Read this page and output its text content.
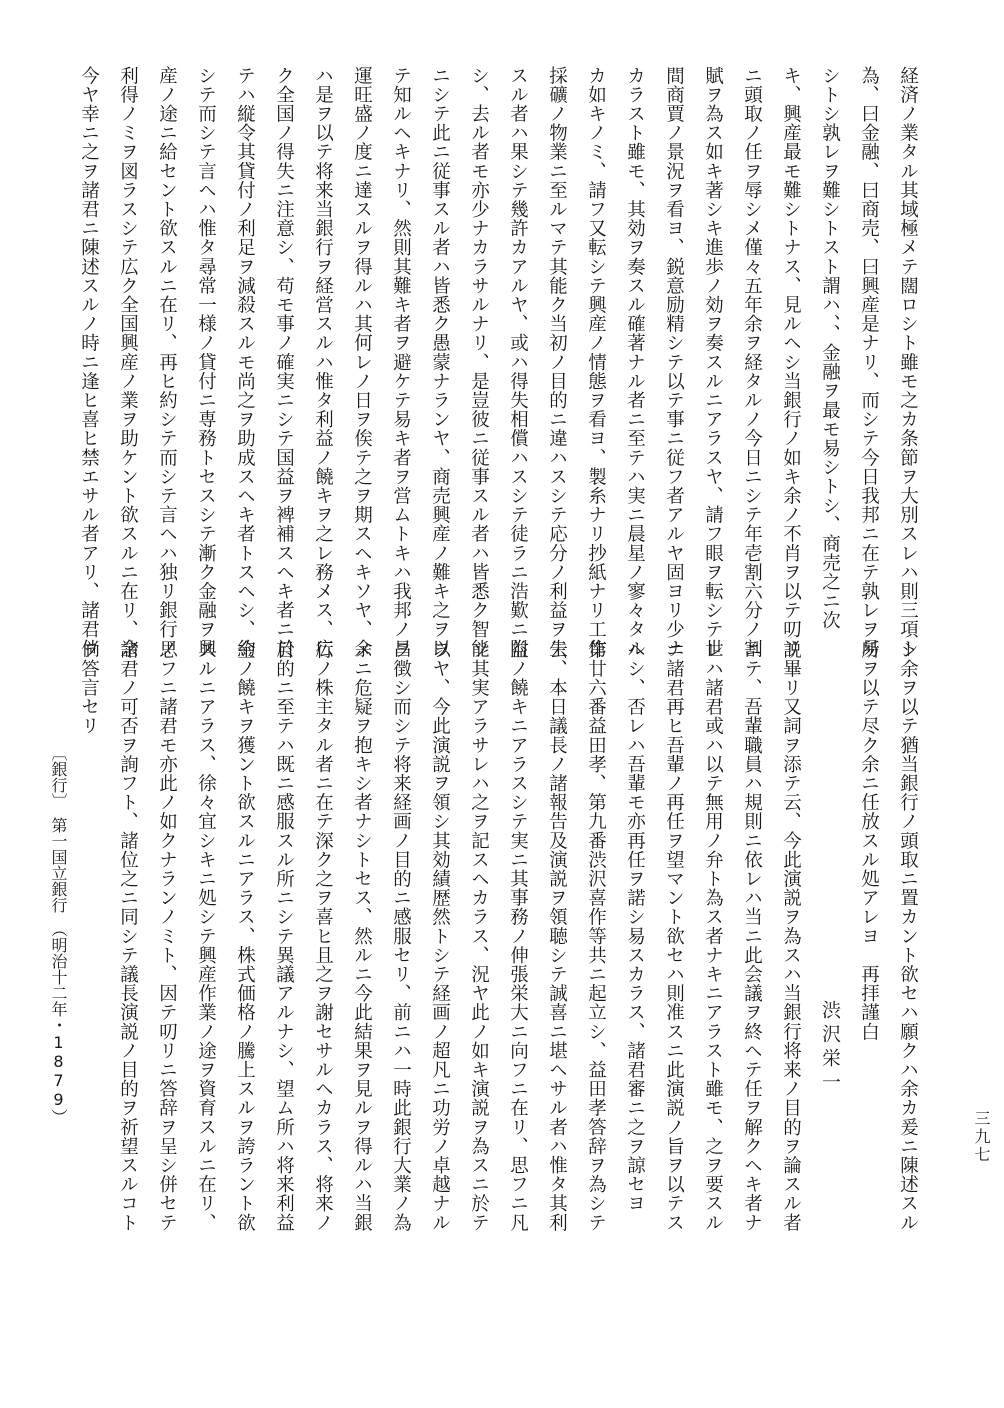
経済ノ業タル其域極メテ闊ロシト雖モ之カ条節ヲ大別スレハ則三項ト
為、曰金融、曰商売、曰興産是ナリ、而シテ今日我邦ニ在テ孰レヲ易
シトシ孰レヲ難シトスト謂ハ、、金融ヲ最モ易シトシ、商売之ニ次
キ、興産最モ難シトナス、見ルヘシ当銀行ノ如キ余ノ不肖ヲ以テ叨リ
ニ頭取ノ任ヲ辱シメ僅々五年余ヲ経タルノ今日ニシテ年壱割六分ノ割
賦ヲ為ス如キ著シキ進歩ノ効ヲ奏スルニアラスヤ、請フ眼ヲ転シテ世
間商賈ノ景況ヲ看ヨ、鋭意励精シテ以テ事ニ従フ者アルヤ固ヨリ少ナ
カラスト雖モ、其効ヲ奏スル確著ナル者ニ至テハ実ニ晨星ノ寥々タル
カ如キノミ、請フ又転シテ興産ノ情態ヲ看ヨ、製糸ナリ抄紙ナリ工作
採礦ノ物業ニ至ルマテ其能ク当初ノ目的ニ違ハスシテ応分ノ利益ヲ生
スル者ハ果シテ幾許カアルヤ、或ハ得失相償ハスシテ徒ラニ浩歎ニ附
シ、去ル者モ亦少ナカラサルナリ、是豈彼ニ従事スル者ハ皆悉ク智能
ニシテ此ニ従事スル者ハ皆悉ク愚蒙ナランヤ、商売興産ノ難キ之ヲ以
テ知ルヘキナリ、然則其難キ者ヲ避ケテ易キ者ヲ営ムトキハ我邦ノ昌
運旺盛ノ度ニ達スルヲ得ルハ其何レノ日ヲ俟テ之ヲ期スヘキソヤ、余
ハ是ヲ以テ将来当銀行ヲ経営スルハ惟タ利益ノ饒キヲ之レ務メス、広
ク全国ノ得失ニ注意シ、苟モ事ノ確実ニシテ国益ヲ裨補スヘキ者ニ於
テハ縦令其貸付ノ利足ヲ減殺スルモ尚之ヲ助成スヘキ者トスヘシ、約
シテ而シテ言ヘハ惟タ尋常一様ノ貸付ニ専務トセスシテ漸ク金融ヲ興
産ノ途ニ給セント欲スルニ在リ、再ヒ約シテ而シテ言ヘハ独リ銀行ノ
利得ノミヲ図ラスシテ広ク全国興産ノ業ヲ助ケント欲スルニ在リ、余
今ヤ幸ニ之ヲ諸君ニ陳述スルノ時ニ逢ヒ喜ヒ禁エサル者アリ、諸君倘
〔銀行〕　第一国立銀行　（明治十二年・1879）	シ余ヲ以テ猶当銀行ノ頭取ニ置カント欲セハ願クハ余カ爰ニ陳述スル
所ヲ以テ尽ク余ニ任放スル処アレヨ　再拝謹白
渋沢栄一
説畢リ又詞ヲ添テ云、今此演説ヲ為スハ当銀行将来ノ目的ヲ論スル者
ニテ、吾輩職員ハ規則ニ依レハ当ニ此会議ヲ終ヘテ任ヲ解クヘキ者ナ
レハ諸君或ハ以テ無用ノ弁ト為ス者ナキニアラスト雖モ、之ヲ要スル
ニ諸君再ヒ吾輩ノ再任ヲ望マント欲セハ則准スニ此演説ノ旨ヲ以テス
ヘシ、否レハ吾輩モ亦再任ヲ諾シ易スカラス、諸君審ニ之ヲ諒セヨ
第廿六番益田孝、第九番渋沢喜作等共ニ起立シ、益田孝答辞ヲ為シテ
云、本日議長ノ諸報告及演説ヲ領聴シテ誠喜ニ堪ヘサル者ハ惟タ其利
益ノ饒キニアラスシテ実ニ其事務ノ伸張栄大ニ向フニ在リ、思フニ凡
ソ其実アラサレハ之ヲ記スヘカラス、況ヤ此ノ如キ演説ヲ為スニ於テ
ヲヤ、今此演説ヲ領シ其効績歴然トシテ経画ノ超凡ニ功労ノ卓越ナル
ヲ徴シ而シテ将来経画ノ目的ニ感服セリ、前ニハ一時此銀行大業ノ為
メニ危疑ヲ抱キシ者ナシトセス、然ルニ今此結果ヲ見ルヲ得ルハ当銀
行ノ株主タル者ニ在テ深ク之ヲ喜ヒ且之ヲ謝セサルヘカラス、将来ノ
目的ニ至テハ既ニ感服スル所ニシテ異議アルナシ、望ム所ハ将来利益
金ノ饒キヲ獲ント欲スルニアラス、株式価格ノ騰上スルヲ誇ラント欲
スルニアラス、徐々宜シキニ処シテ興産作業ノ途ヲ資育スルニ在リ、
思フニ諸君モ亦此ノ如クナランノミト、因テ叨リニ答辞ヲ呈シ併セテ
諸君ノ可否ヲ詢フト、諸位之ニ同シテ議長演説ノ目的ヲ祈望スルコト
ヲ答言セリ
三九七
